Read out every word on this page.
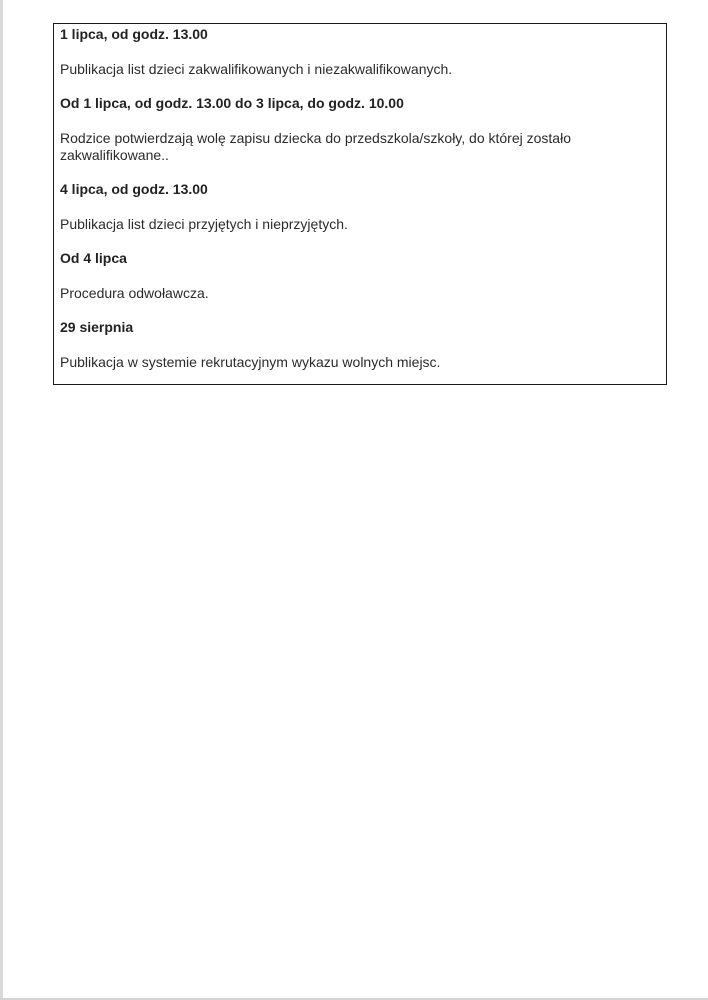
1 lipca, od godz. 13.00

Publikacja list dzieci zakwalifikowanych i niezakwalifikowanych.

Od 1 lipca, od godz. 13.00 do 3 lipca, do godz. 10.00

Rodzice potwierdzają wolę zapisu dziecka do przedszkola/szkoły, do której zostało zakwalifikowane..

4 lipca, od godz. 13.00

Publikacja list dzieci przyjętych i nieprzyjętych.

Od 4 lipca

Procedura odwoławcza.

29 sierpnia

Publikacja w systemie rekrutacyjnym wykazu wolnych miejsc.
